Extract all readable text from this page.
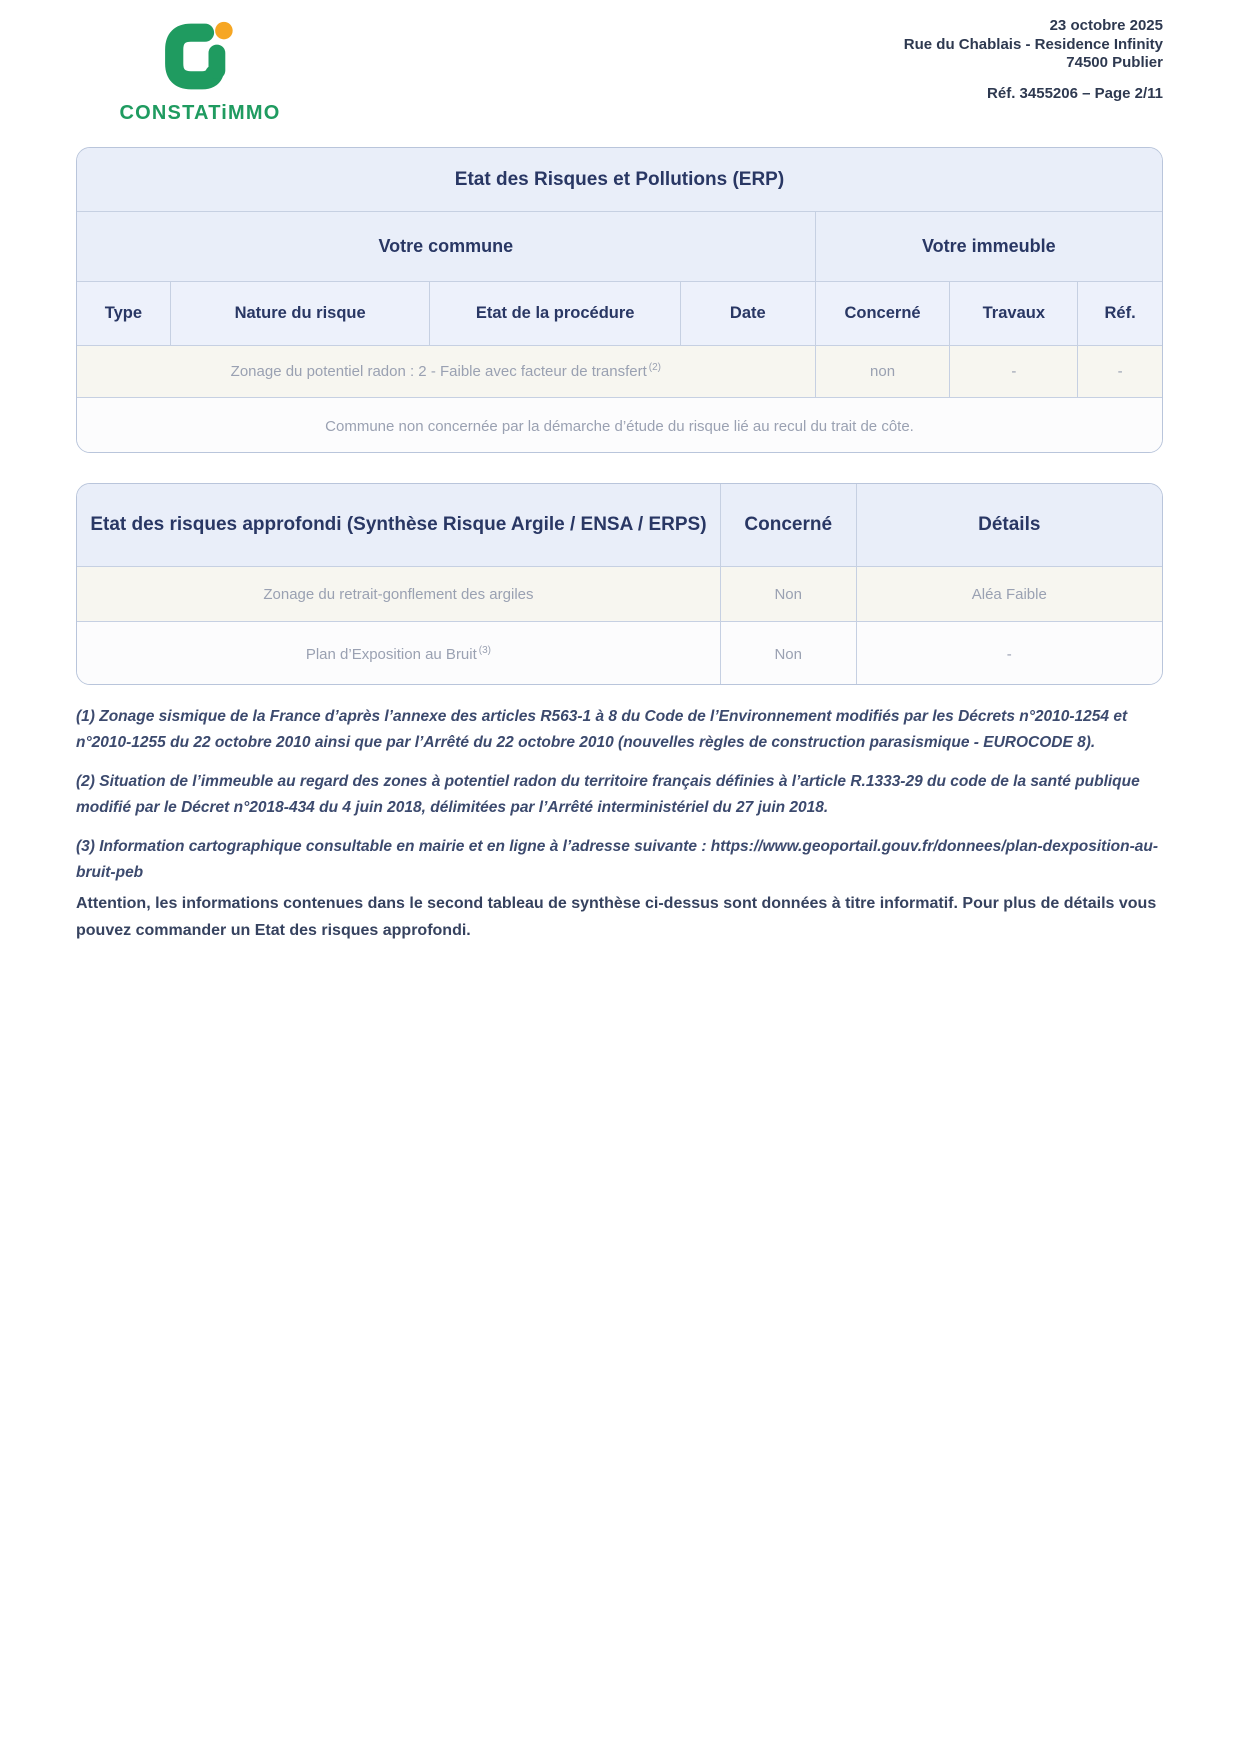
CONSTATiMMO
23 octobre 2025
Rue du Chablais - Residence Infinity
74500 Publier
Réf. 3455206 – Page 2/11
Etat des Risques et Pollutions (ERP)
Votre commune	Votre immeuble
Type	Nature du risque	Etat de la procédure	Date	Concerné	Travaux	Réf.
Zonage du potentiel radon : 2 - Faible avec facteur de transfert $^{(2)}$	non	-	-
Commune non concernée par la démarche d’étude du risque lié au recul du trait de côte.
Etat des risques approfondi (Synthèse Risque Argile / ENSA / ERPS)	Concerné	Détails
Zonage du retrait-gonflement des argiles	Non	Aléa Faible
Plan d’Exposition au Bruit $^{(3)}$	Non	-

(1) Zonage sismique de la France d’après l’annexe des articles R563-1 à 8 du Code de l’Environnement modifiés par les Décrets n°2010-1254 et n°2010-1255 du 22 octobre 2010 ainsi que par l’Arrêté du 22 octobre 2010 (nouvelles règles de construction parasismique - EUROCODE 8).

(2) Situation de l’immeuble au regard des zones à potentiel radon du territoire français définies à l’article R.1333-29 du code de la santé publique modifié par le Décret n°2018-434 du 4 juin 2018, délimitées par l’Arrêté interministériel du 27 juin 2018.

(3) Information cartographique consultable en mairie et en ligne à l’adresse suivante : https://www.geoportail.gouv.fr/donnees/plan-dexposition-au-bruit-peb

Attention, les informations contenues dans le second tableau de synthèse ci-dessus sont données à titre informatif. Pour plus de détails vous pouvez commander un Etat des risques approfondi.
